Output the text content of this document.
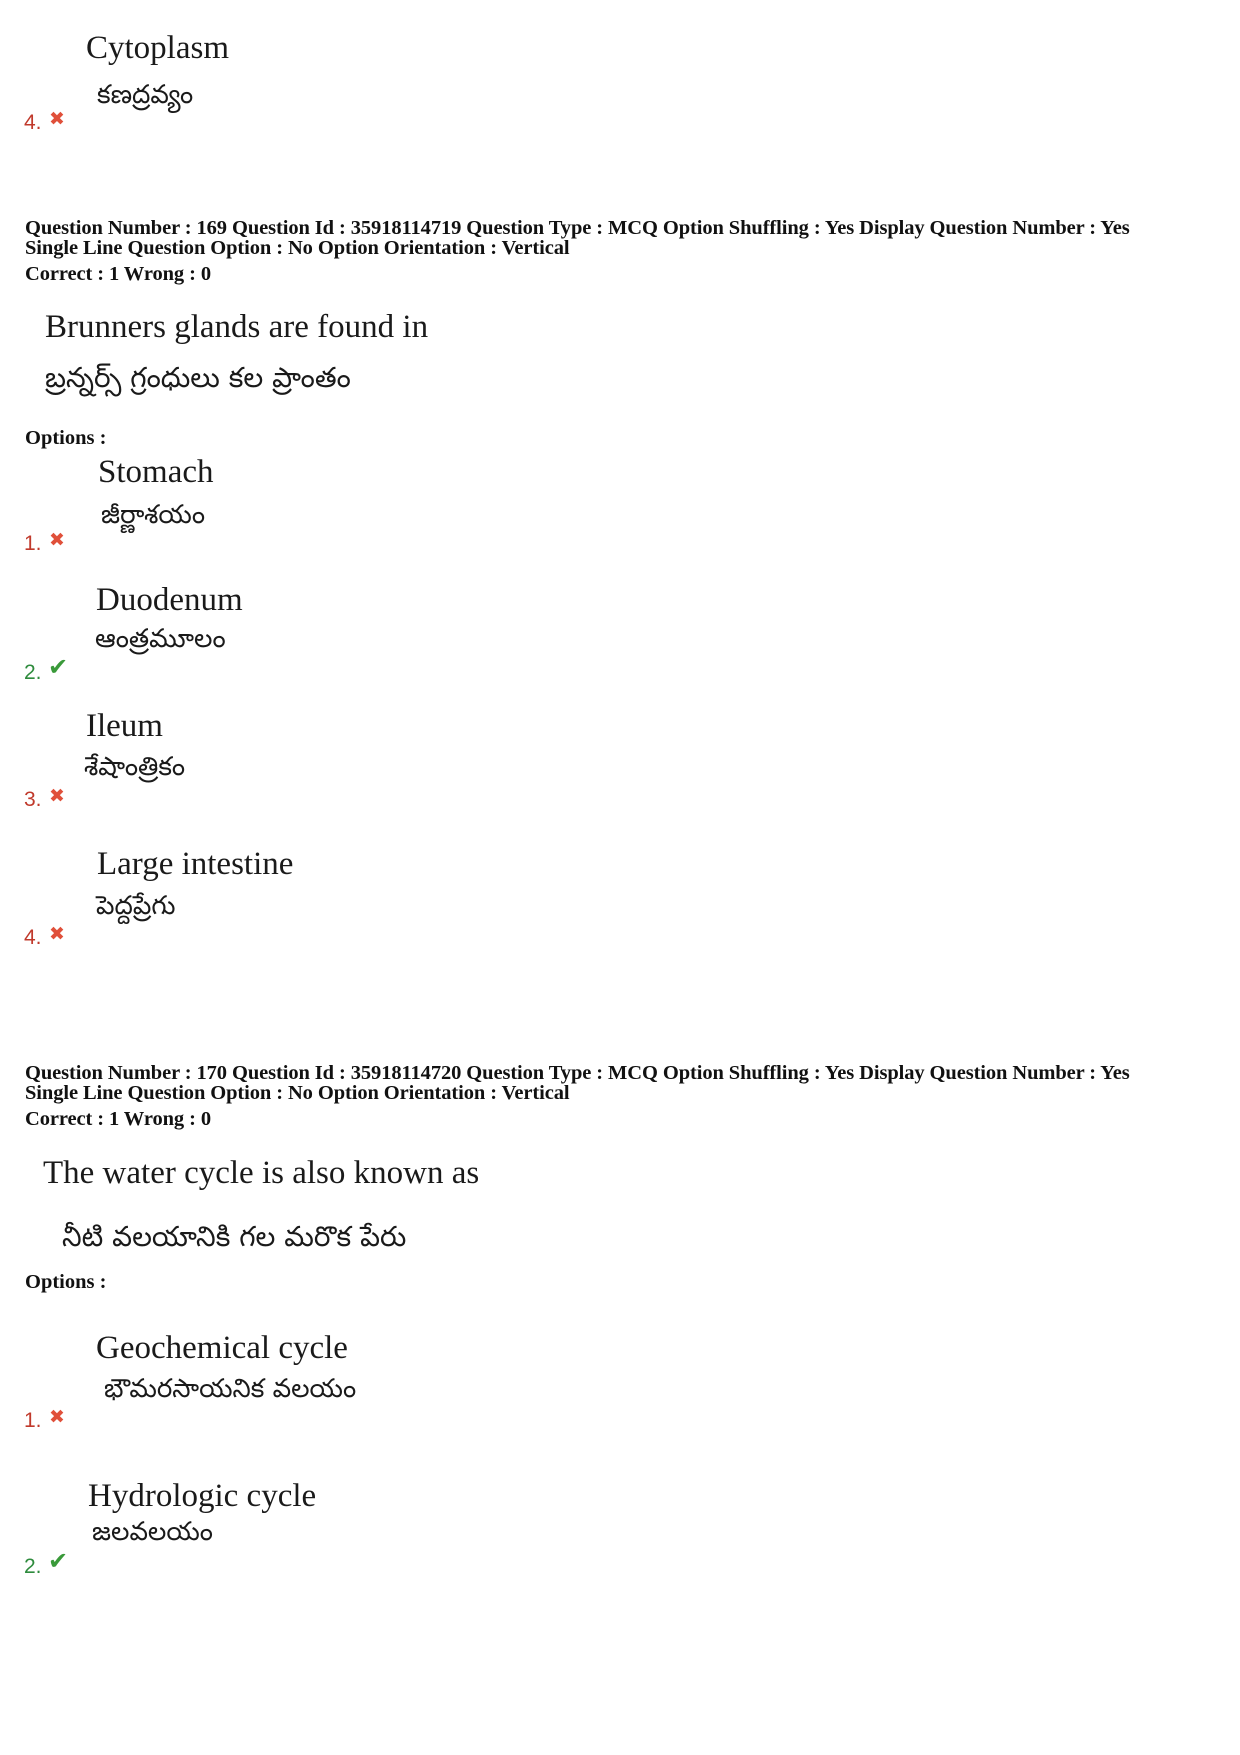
Cytoplasm
కణద్రవ్యం
4. ✖
Question Number : 169 Question Id : 35918114719 Question Type : MCQ Option Shuffling : Yes Display Question Number : Yes
Single Line Question Option : No Option Orientation : Vertical
Correct : 1 Wrong : 0
Brunners glands are found in
బ్రన్నర్స్ గ్రంధులు కల ప్రాంతం
Options :
Stomach
జీర్ణాశయం
1. ✖
Duodenum
ఆంత్రమూలం
2. ✔
Ileum
శేషాంత్రికం
3. ✖
Large intestine
పెద్దప్రేగు
4. ✖
Question Number : 170 Question Id : 35918114720 Question Type : MCQ Option Shuffling : Yes Display Question Number : Yes
Single Line Question Option : No Option Orientation : Vertical
Correct : 1 Wrong : 0
The water cycle is also known as
నీటి వలయానికి గల మరొక పేరు
Options :
Geochemical cycle
భౌమరసాయనిక వలయం
1. ✖
Hydrologic cycle
జలవలయం
2. ✔
